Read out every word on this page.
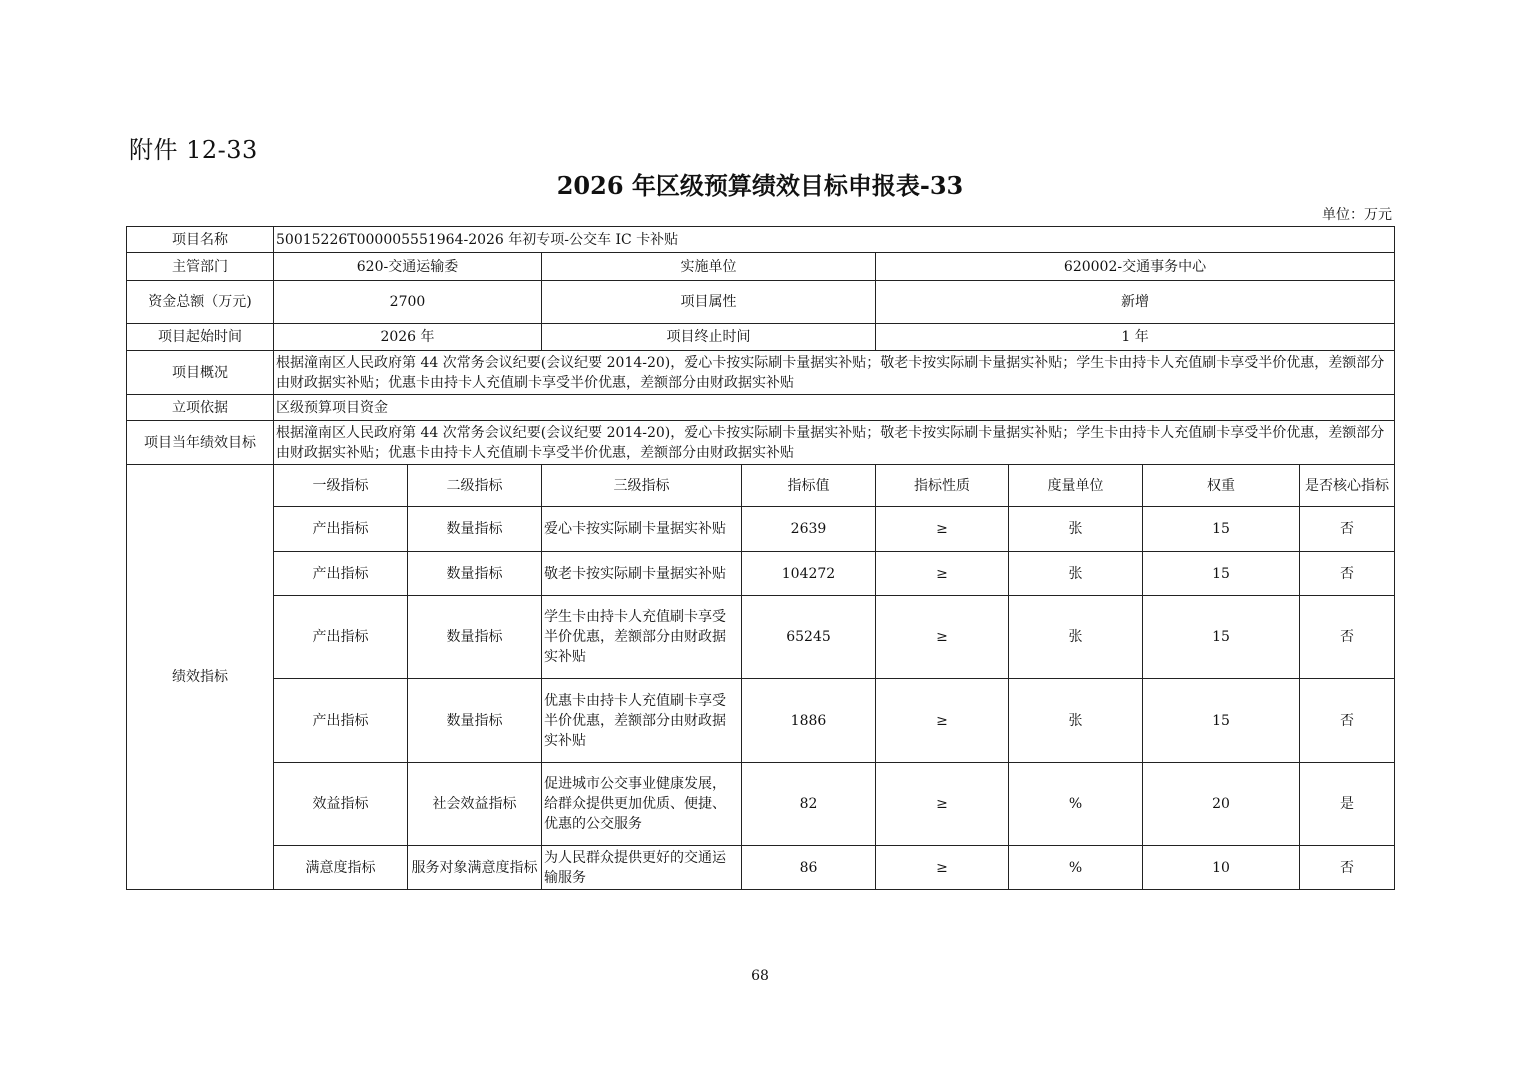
附件 12-33
2026 年区级预算绩效目标申报表-33
单位：万元
项目名称	50015226T000005551964-2026 年初专项-公交车 IC 卡补贴							
主管部门	620-交通运输委		实施单位		620002-交通事务中心			
资金总额（万元)	2700		项目属性		新增			
项目起始时间	2026 年		项目终止时间		1 年			
项目概况	根据潼南区人民政府第 44 次常务会议纪要(会议纪要 2014-20)，爱心卡按实际刷卡量据实补贴；敬老卡按实际刷卡量据实补贴；学生卡由持卡人充值刷卡享受半价优惠，差额部分由财政据实补贴；优惠卡由持卡人充值刷卡享受半价优惠，差额部分由财政据实补贴							
立项依据	区级预算项目资金							
项目当年绩效目标	根据潼南区人民政府第 44 次常务会议纪要(会议纪要 2014-20)，爱心卡按实际刷卡量据实补贴；敬老卡按实际刷卡量据实补贴；学生卡由持卡人充值刷卡享受半价优惠，差额部分由财政据实补贴；优惠卡由持卡人充值刷卡享受半价优惠，差额部分由财政据实补贴							
绩效指标	一级指标	二级指标	三级指标	指标值	指标性质	度量单位	权重	是否核心指标
	产出指标	数量指标	爱心卡按实际刷卡量据实补贴	2639	≥	张	15	否
	产出指标	数量指标	敬老卡按实际刷卡量据实补贴	104272	≥	张	15	否
	产出指标	数量指标	学生卡由持卡人充值刷卡享受半价优惠，差额部分由财政据实补贴	65245	≥	张	15	否
	产出指标	数量指标	优惠卡由持卡人充值刷卡享受半价优惠，差额部分由财政据实补贴	1886	≥	张	15	否
	效益指标	社会效益指标	促进城市公交事业健康发展，给群众提供更加优质、便捷、优惠的公交服务	82	≥	%	20	是
	满意度指标	服务对象满意度指标	为人民群众提供更好的交通运输服务	86	≥	%	10	否
68
